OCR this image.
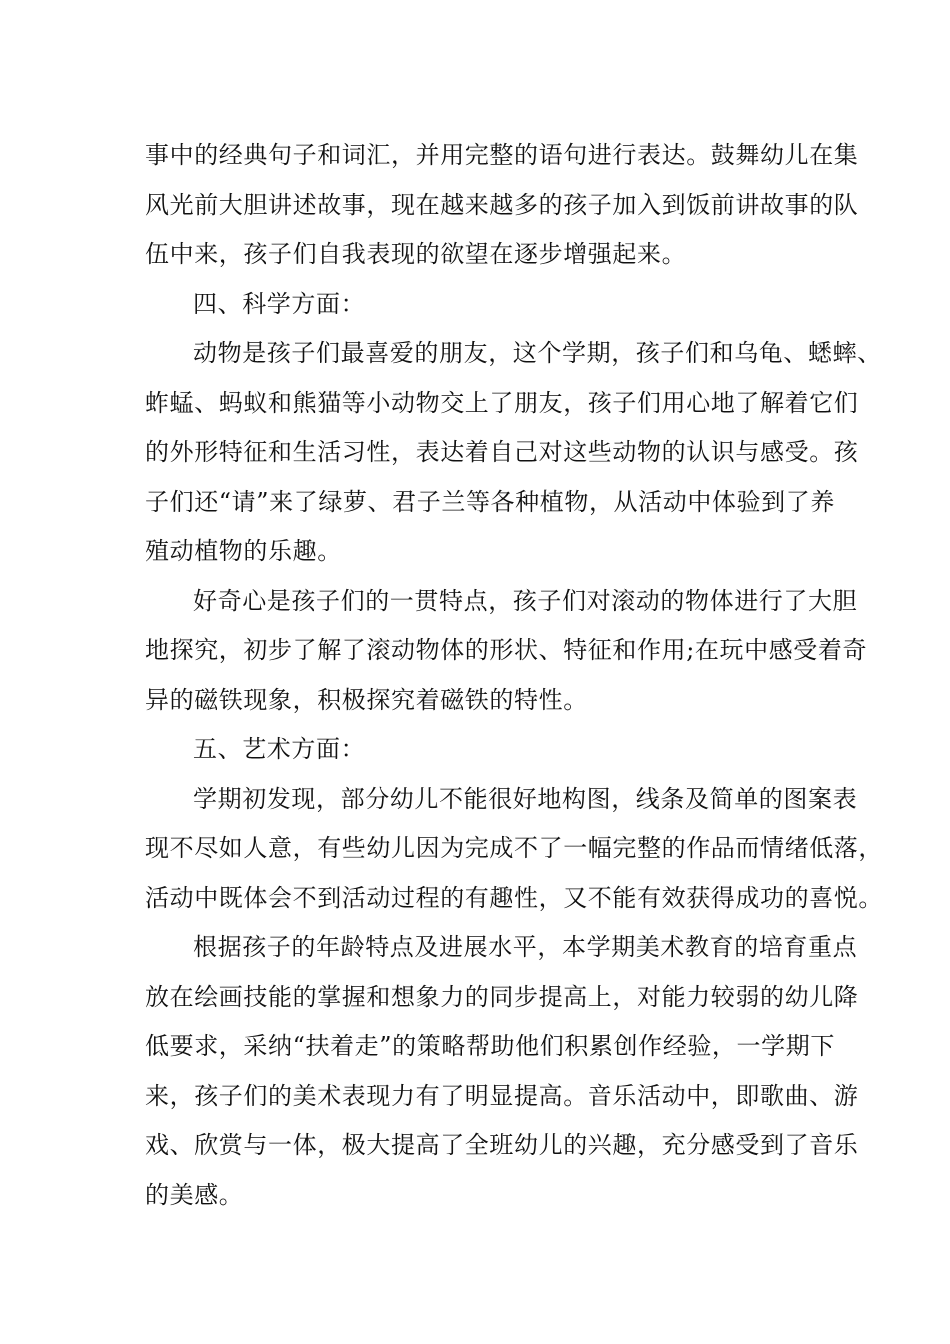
事中的经典句子和词汇，并用完整的语句进行表达。鼓舞幼儿在集

风光前大胆讲述故事，现在越来越多的孩子加入到饭前讲故事的队

伍中来，孩子们自我表现的欲望在逐步增强起来。

四、科学方面：

动物是孩子们最喜爱的朋友，这个学期，孩子们和乌龟、蟋蟀、

蚱蜢、蚂蚁和熊猫等小动物交上了朋友，孩子们用心地了解着它们

的外形特征和生活习性，表达着自己对这些动物的认识与感受。孩

子们还“请”来了绿萝、君子兰等各种植物，从活动中体验到了养

殖动植物的乐趣。

好奇心是孩子们的一贯特点，孩子们对滚动的物体进行了大胆

地探究，初步了解了滚动物体的形状、特征和作用;在玩中感受着奇

异的磁铁现象，积极探究着磁铁的特性。

五、艺术方面：

学期初发现，部分幼儿不能很好地构图，线条及简单的图案表

现不尽如人意，有些幼儿因为完成不了一幅完整的作品而情绪低落，

活动中既体会不到活动过程的有趣性，又不能有效获得成功的喜悦。

根据孩子的年龄特点及进展水平，本学期美术教育的培育重点

放在绘画技能的掌握和想象力的同步提高上，对能力较弱的幼儿降

低要求，采纳“扶着走”的策略帮助他们积累创作经验，一学期下

来，孩子们的美术表现力有了明显提高。音乐活动中，即歌曲、游

戏、欣赏与一体，极大提高了全班幼儿的兴趣，充分感受到了音乐

的美感。
